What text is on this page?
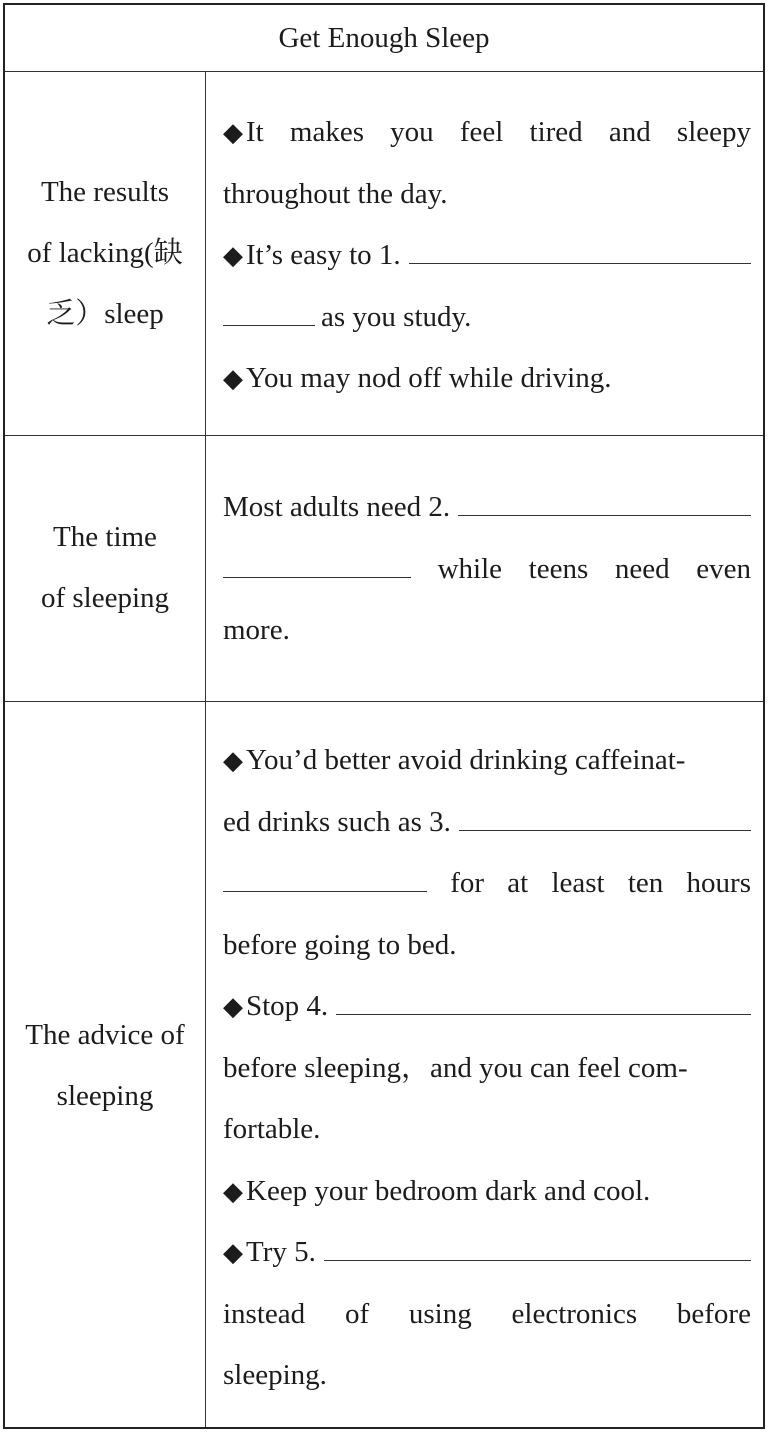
Get Enough Sleep
The results
of lacking(缺
乏）sleep
◆ It makes you feel tired and sleepy
throughout the day.
◆ It’s easy to 1.
as you study.
◆ You may nod off while driving.
The time
of sleeping
Most adults need 2.
while teens need even
more.
The advice of
sleeping
◆ You’d better avoid drinking caffeinat-
ed drinks such as 3.
for at least ten hours
before going to bed.
◆ Stop 4.
before sleeping，and you can feel com-
fortable.
◆ Keep your bedroom dark and cool.
◆ Try 5.
instead of using electronics before
sleeping.
